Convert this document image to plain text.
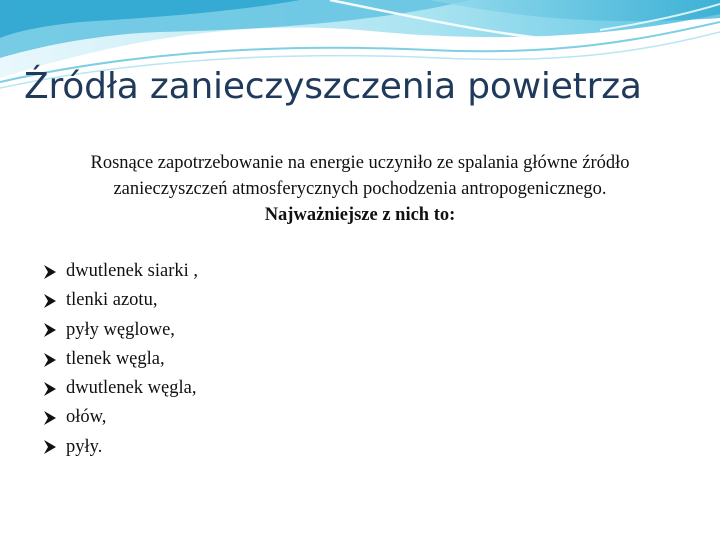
Źródła zanieczyszczenia powietrza
Rosnące zapotrzebowanie na energie uczyniło ze spalania główne źródło
zanieczyszczeń atmosferycznych pochodzenia antropogenicznego.
Najważniejsze z nich to:
dwutlenek siarki ,
tlenki azotu,
pyły węglowe,
tlenek węgla,
dwutlenek węgla,
ołów,
pyły.
